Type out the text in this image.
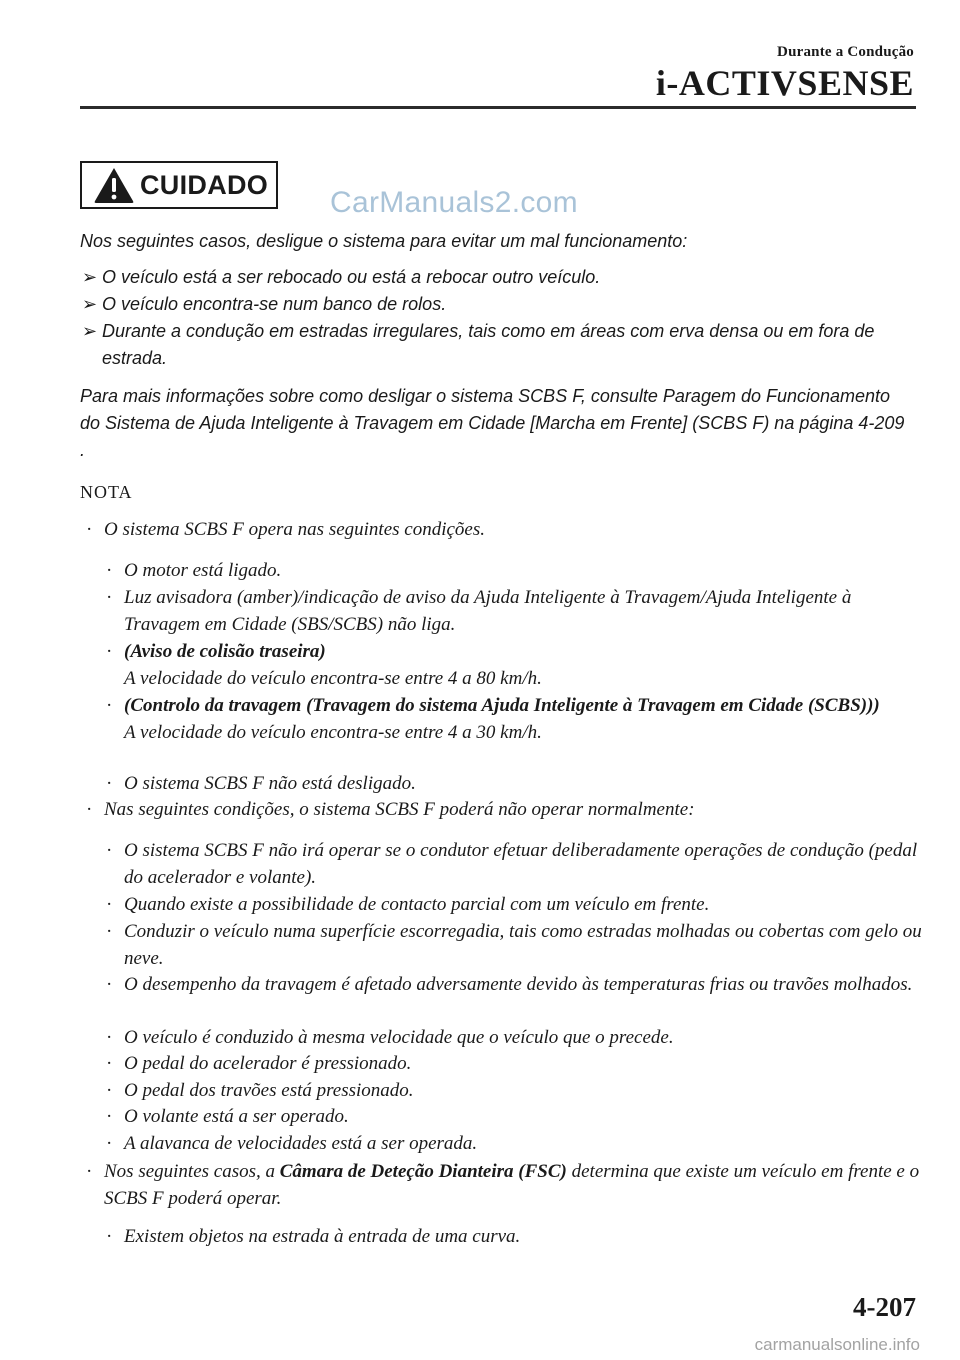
Durante a Condução
i-ACTIVSENSE
CUIDADO
CarManuals2.com
Nos seguintes casos, desligue o sistema para evitar um mal funcionamento:
➢ O veículo está a ser rebocado ou está a rebocar outro veículo.
➢ O veículo encontra-se num banco de rolos.
➢ Durante a condução em estradas irregulares, tais como em áreas com erva densa ou em fora de estrada.
Para mais informações sobre como desligar o sistema SCBS F, consulte Paragem do Funcionamento do Sistema de Ajuda Inteligente à Travagem em Cidade [Marcha em Frente] (SCBS F) na página 4-209 .
NOTA
· O sistema SCBS F opera nas seguintes condições.
· O motor está ligado.
· Luz avisadora (amber)/indicação de aviso da Ajuda Inteligente à Travagem/Ajuda Inteligente à Travagem em Cidade (SBS/SCBS) não liga.
· (Aviso de colisão traseira)
A velocidade do veículo encontra-se entre 4 a 80 km/h.
· (Controlo da travagem (Travagem do sistema Ajuda Inteligente à Travagem em Cidade (SCBS)))
A velocidade do veículo encontra-se entre 4 a 30 km/h.
· O sistema SCBS F não está desligado.
· Nas seguintes condições, o sistema SCBS F poderá não operar normalmente:
· O sistema SCBS F não irá operar se o condutor efetuar deliberadamente operações de condução (pedal do acelerador e volante).
· Quando existe a possibilidade de contacto parcial com um veículo em frente.
· Conduzir o veículo numa superfície escorregadia, tais como estradas molhadas ou cobertas com gelo ou neve.
· O desempenho da travagem é afetado adversamente devido às temperaturas frias ou travões molhados.
· O veículo é conduzido à mesma velocidade que o veículo que o precede.
· O pedal do acelerador é pressionado.
· O pedal dos travões está pressionado.
· O volante está a ser operado.
· A alavanca de velocidades está a ser operada.
· Nos seguintes casos, a Câmara de Deteção Dianteira (FSC) determina que existe um veículo em frente e o SCBS F poderá operar.
· Existem objetos na estrada à entrada de uma curva.
4-207
carmanualsonline.info
